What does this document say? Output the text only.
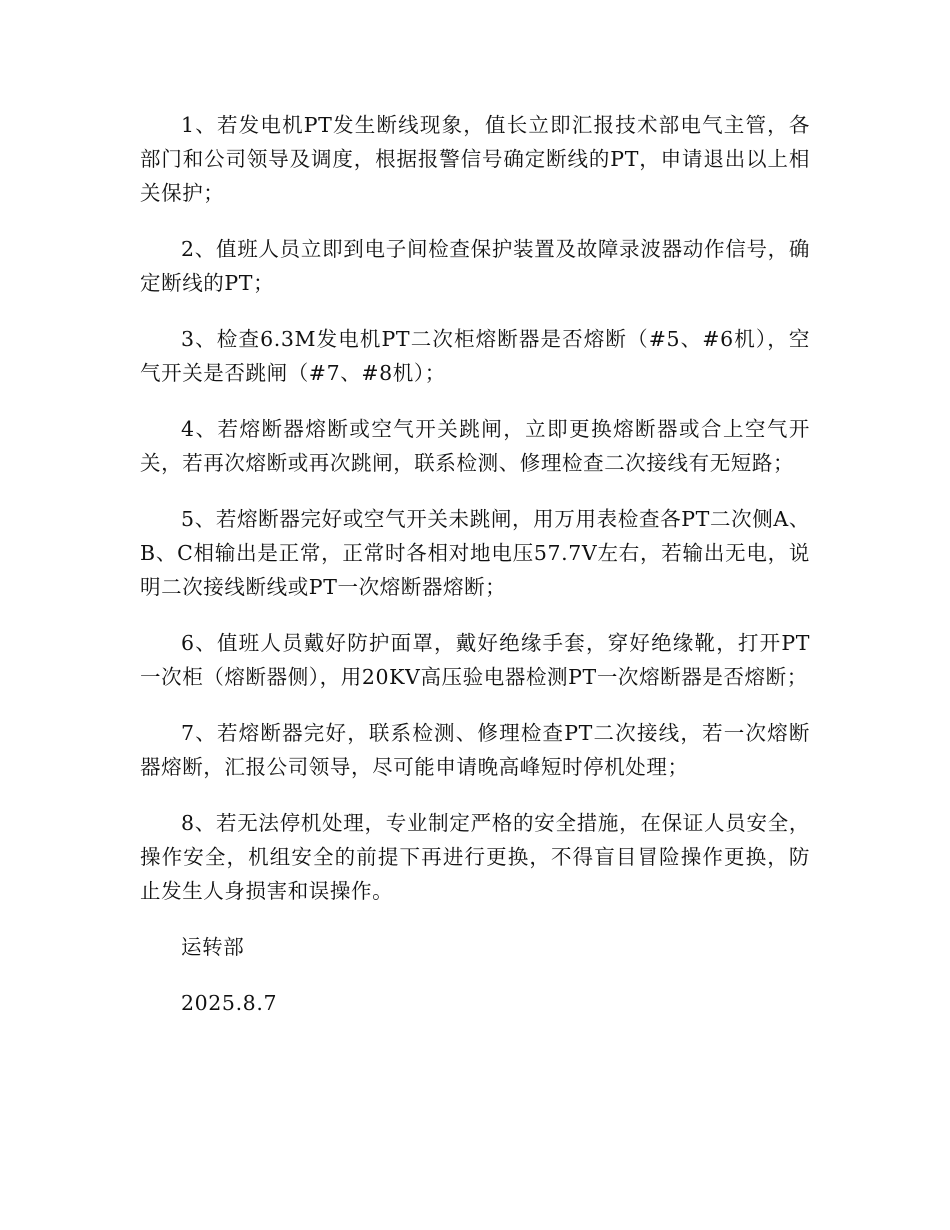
1、若发电机PT发生断线现象，值长立即汇报技术部电气主管，各部门和公司领导及调度，根据报警信号确定断线的PT，申请退出以上相关保护；

2、值班人员立即到电子间检查保护装置及故障录波器动作信号，确定断线的PT；

3、检查6.3M发电机PT二次柜熔断器是否熔断（#5、#6机），空气开关是否跳闸（#7、#8机）；

4、若熔断器熔断或空气开关跳闸，立即更换熔断器或合上空气开关，若再次熔断或再次跳闸，联系检测、修理检查二次接线有无短路；

5、若熔断器完好或空气开关未跳闸，用万用表检查各PT二次侧A、B、C相输出是正常，正常时各相对地电压57.7V左右，若输出无电，说明二次接线断线或PT一次熔断器熔断；

6、值班人员戴好防护面罩，戴好绝缘手套，穿好绝缘靴，打开PT一次柜（熔断器侧），用20KV高压验电器检测PT一次熔断器是否熔断；

7、若熔断器完好，联系检测、修理检查PT二次接线，若一次熔断器熔断，汇报公司领导，尽可能申请晚高峰短时停机处理；

8、若无法停机处理，专业制定严格的安全措施，在保证人员安全，操作安全，机组安全的前提下再进行更换，不得盲目冒险操作更换，防止发生人身损害和误操作。

运转部

2025.8.7
